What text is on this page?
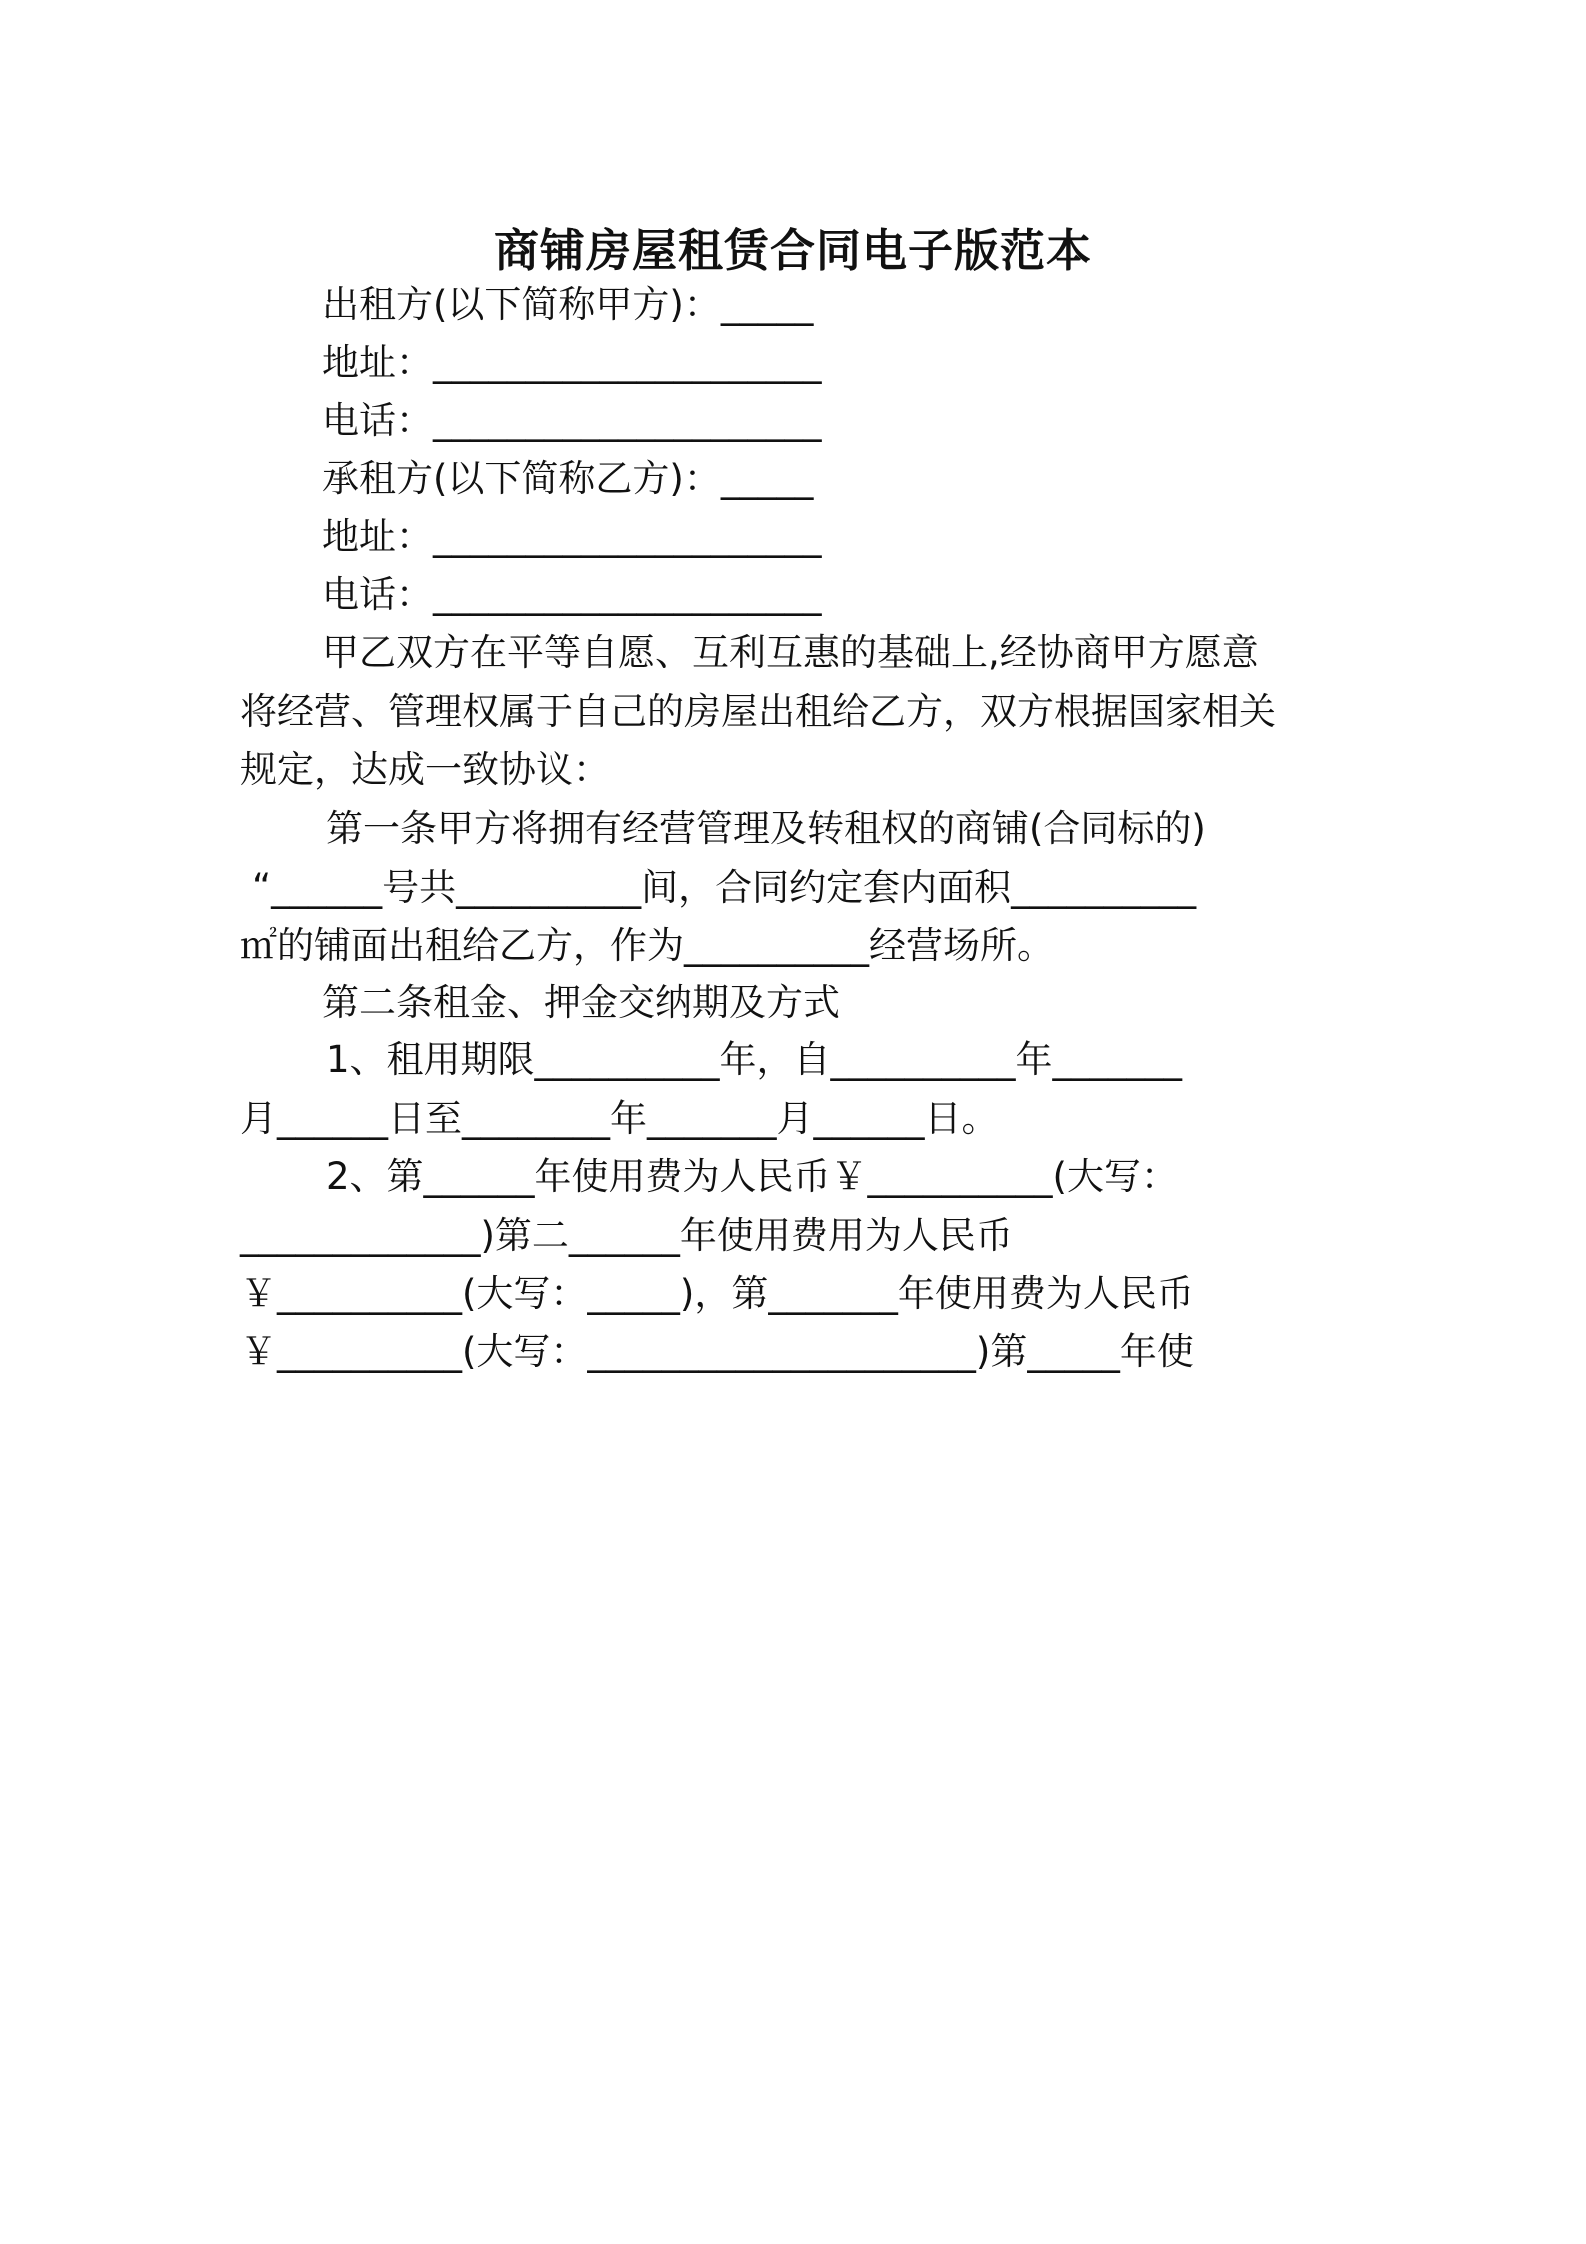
商铺房屋租赁合同电子版范本
出租方(以下简称甲方)：_____
地址：_____________________
电话：_____________________
承租方(以下简称乙方)：_____
地址：_____________________
电话：_____________________
甲乙双方在平等自愿、互利互惠的基础上,经协商甲方愿意
将经营、管理权属于自己的房屋出租给乙方，双方根据国家相关
规定，达成一致协议：
第一条甲方将拥有经营管理及转租权的商铺(合同标的)
“______号共__________间，合同约定套内面积__________
㎡的铺面出租给乙方，作为__________经营场所。
第二条租金、押金交纳期及方式
1、租用期限__________年，自__________年_______
月______日至________年_______月______日。
2、第______年使用费为人民币￥__________(大写：
_____________)第二______年使用费用为人民币
￥__________(大写：_____)，第_______年使用费为人民币
￥__________(大写：_____________________)第_____年使
